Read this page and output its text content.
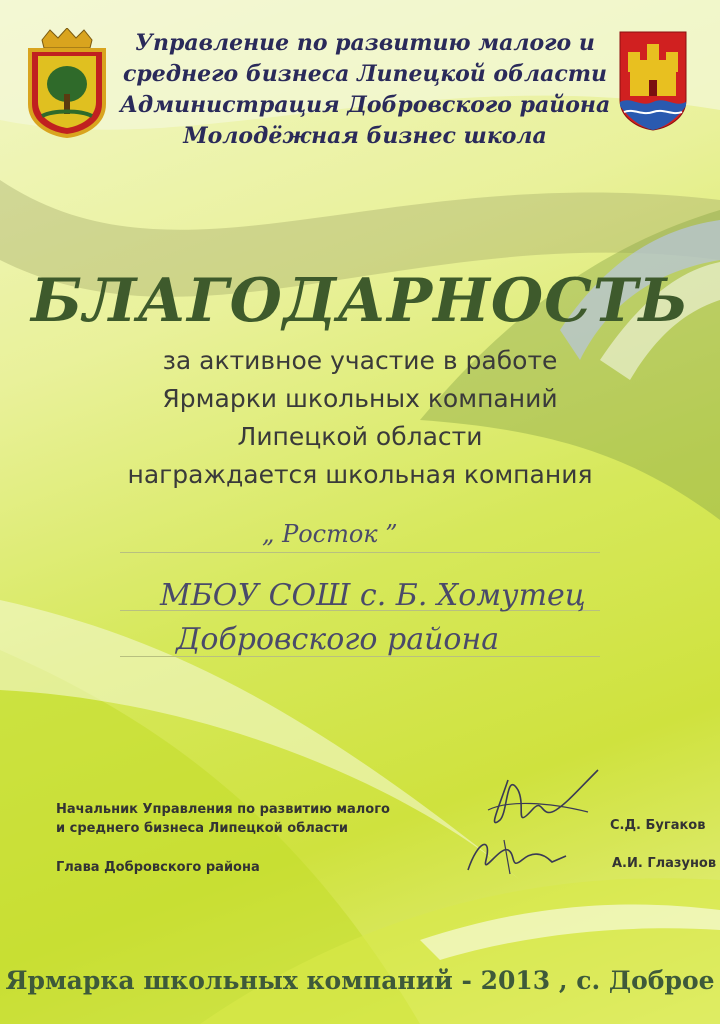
Управление по развитию малого и
среднего бизнеса Липецкой области
Администрация Добровского района
Молодёжная бизнес школа
БЛАГОДАРНОСТЬ
за активное участие в работе
Ярмарки школьных компаний
Липецкой области
награждается школьная компания
„ Росток ”
МБОУ СОШ с. Б. Хомутец
Добровского района
Начальник Управления по развитию малого
и среднего бизнеса Липецкой области	С.Д. Бугаков
Глава Добровского района	А.И. Глазунов
Ярмарка школьных компаний - 2013 , с. Доброе
